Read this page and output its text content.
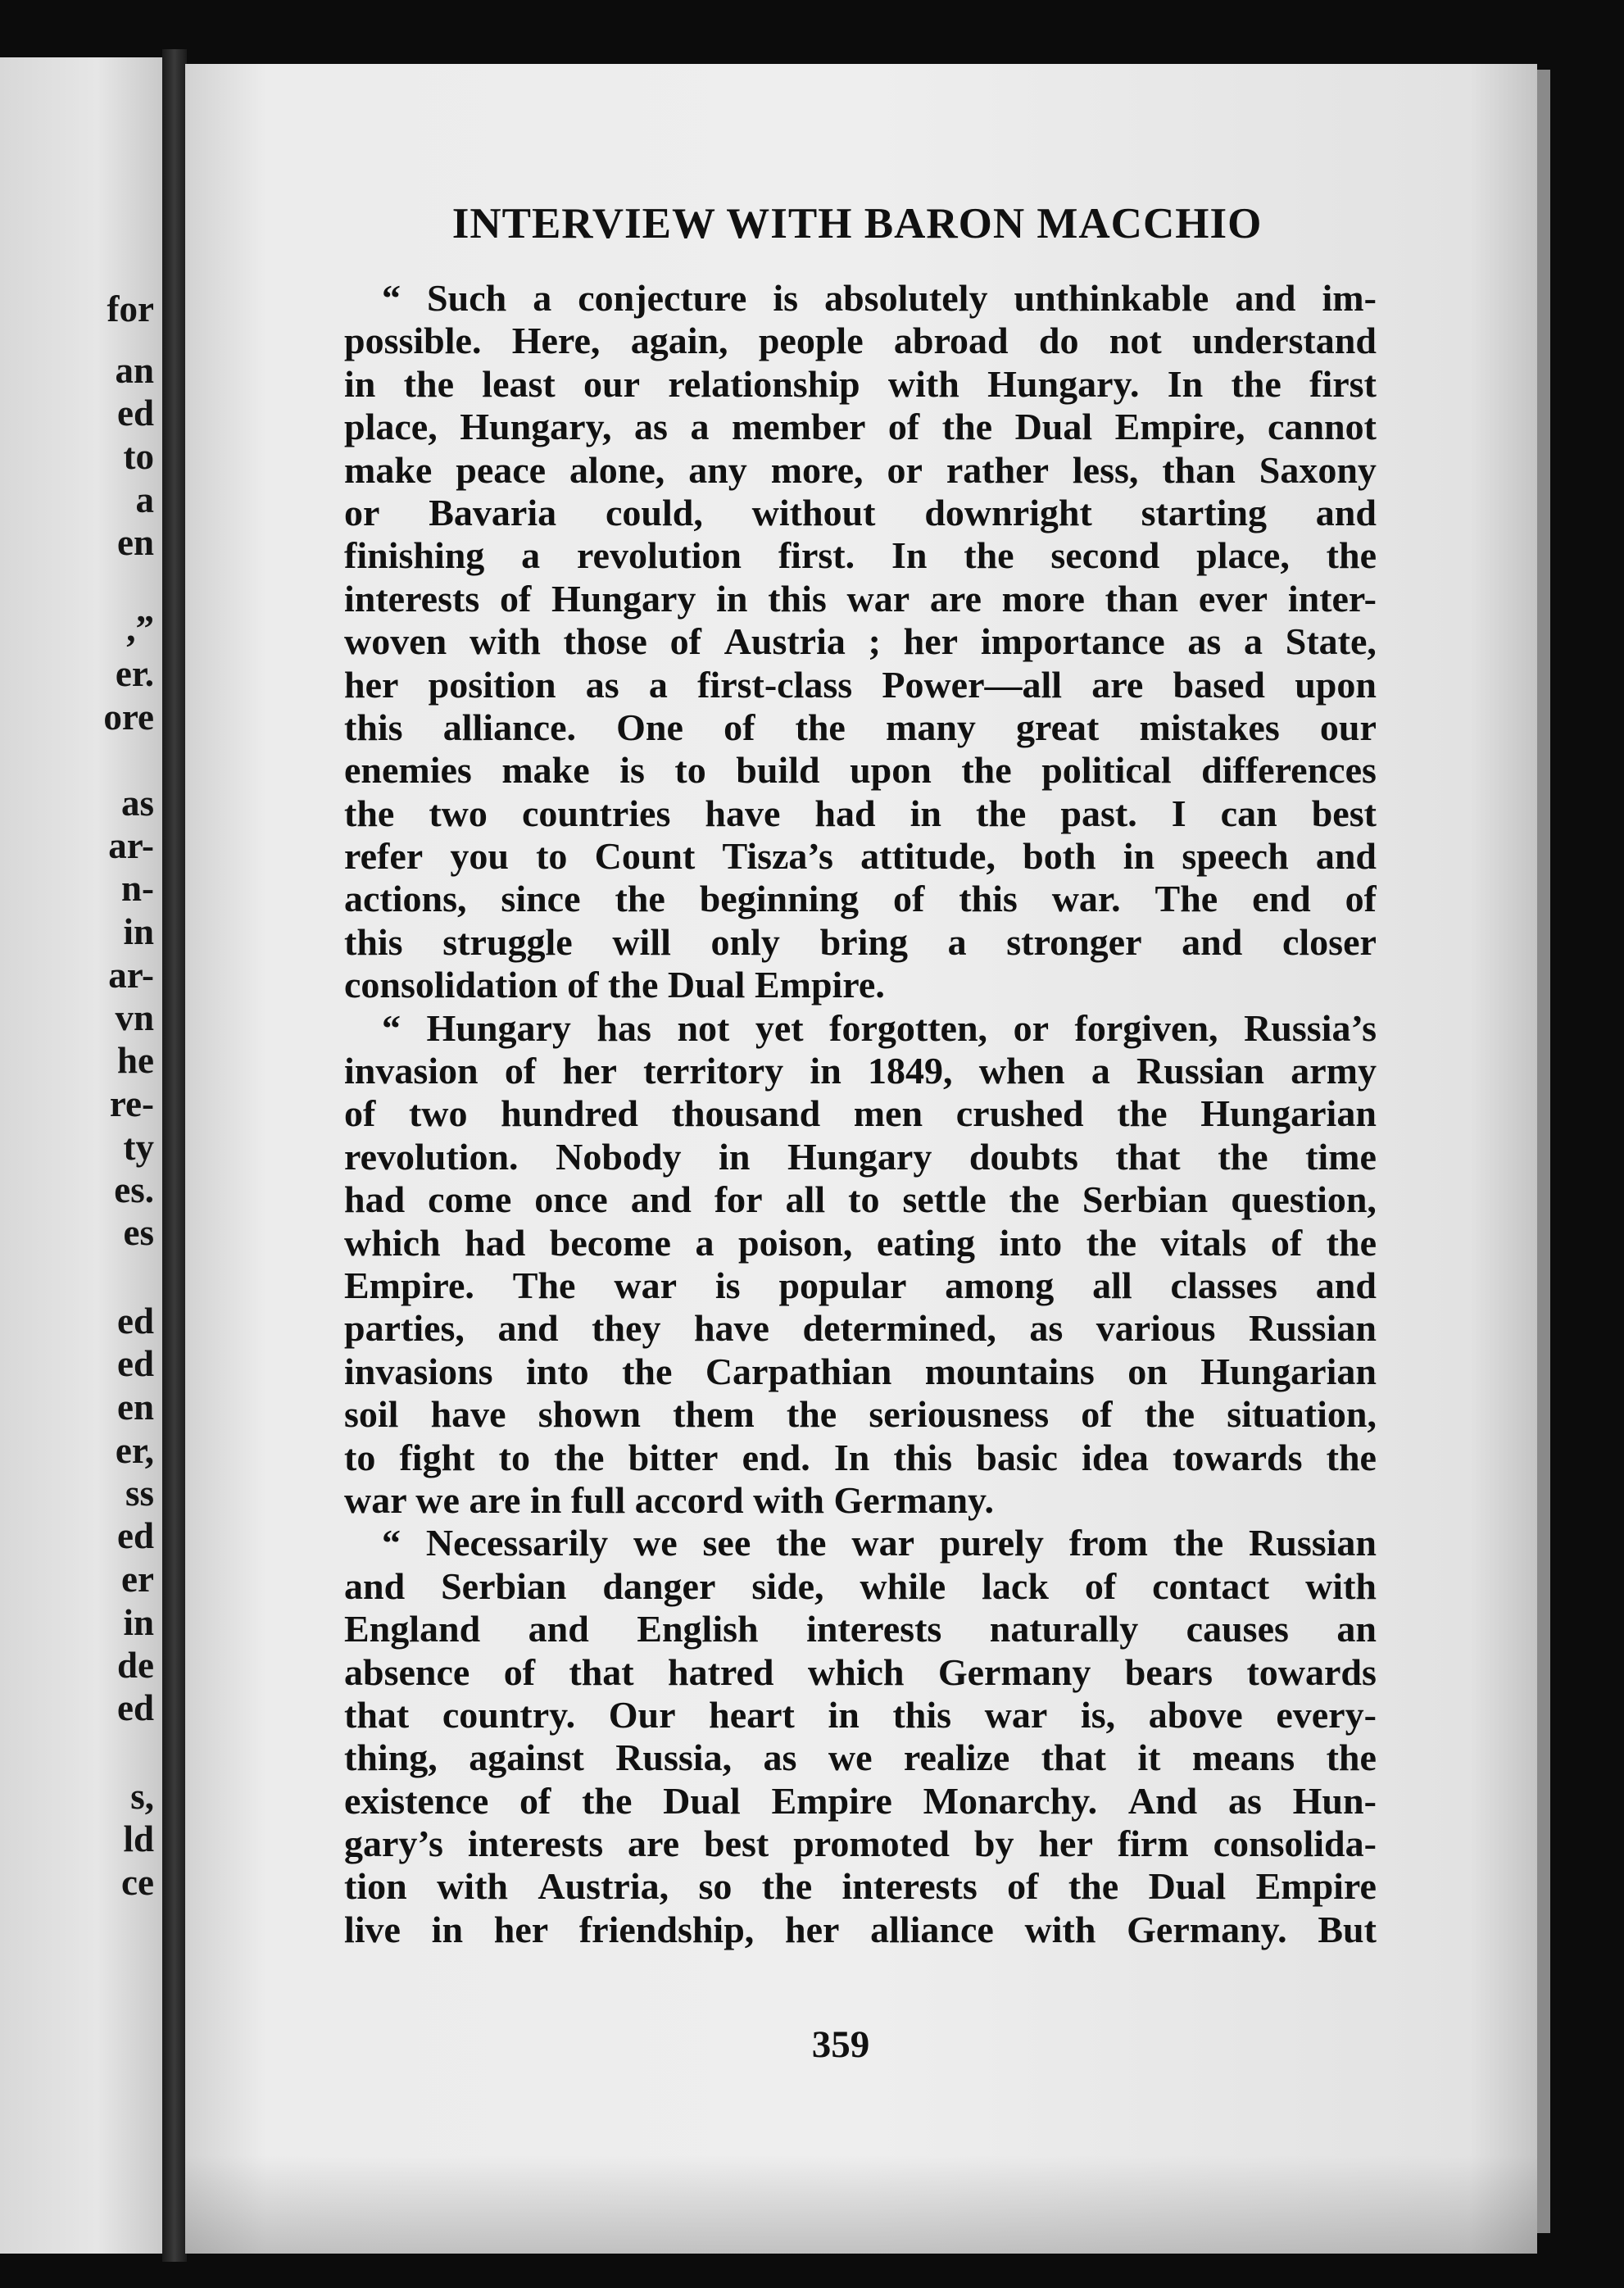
for

an

ed

to

a

en

,”

er.

ore

as

ar-

n-

in

ar-

vn

he

re-

ty

es.

es

ed

ed

en

er,

ss

ed

er

in

de

ed

s,

ld

ce

INTERVIEW WITH BARON MACCHIO
“ Such a conjecture is absolutely unthinkable and im-
possible. Here, again, people abroad do not understand
in the least our relationship with Hungary. In the first
place, Hungary, as a member of the Dual Empire, cannot
make peace alone, any more, or rather less, than Saxony
or Bavaria could, without downright starting and
finishing a revolution first. In the second place, the
interests of Hungary in this war are more than ever inter-
woven with those of Austria ; her importance as a State,
her position as a first-class Power—all are based upon
this alliance. One of the many great mistakes our
enemies make is to build upon the political differences
the two countries have had in the past. I can best
refer you to Count Tisza’s attitude, both in speech and
actions, since the beginning of this war. The end of
this struggle will only bring a stronger and closer
consolidation of the Dual Empire.
“ Hungary has not yet forgotten, or forgiven, Russia’s
invasion of her territory in 1849, when a Russian army
of two hundred thousand men crushed the Hungarian
revolution. Nobody in Hungary doubts that the time
had come once and for all to settle the Serbian question,
which had become a poison, eating into the vitals of the
Empire. The war is popular among all classes and
parties, and they have determined, as various Russian
invasions into the Carpathian mountains on Hungarian
soil have shown them the seriousness of the situation,
to fight to the bitter end. In this basic idea towards the
war we are in full accord with Germany.
“ Necessarily we see the war purely from the Russian
and Serbian danger side, while lack of contact with
England and English interests naturally causes an
absence of that hatred which Germany bears towards
that country. Our heart in this war is, above every-
thing, against Russia, as we realize that it means the
existence of the Dual Empire Monarchy. And as Hun-
gary’s interests are best promoted by her firm consolida-
tion with Austria, so the interests of the Dual Empire
live in her friendship, her alliance with Germany. But

359
